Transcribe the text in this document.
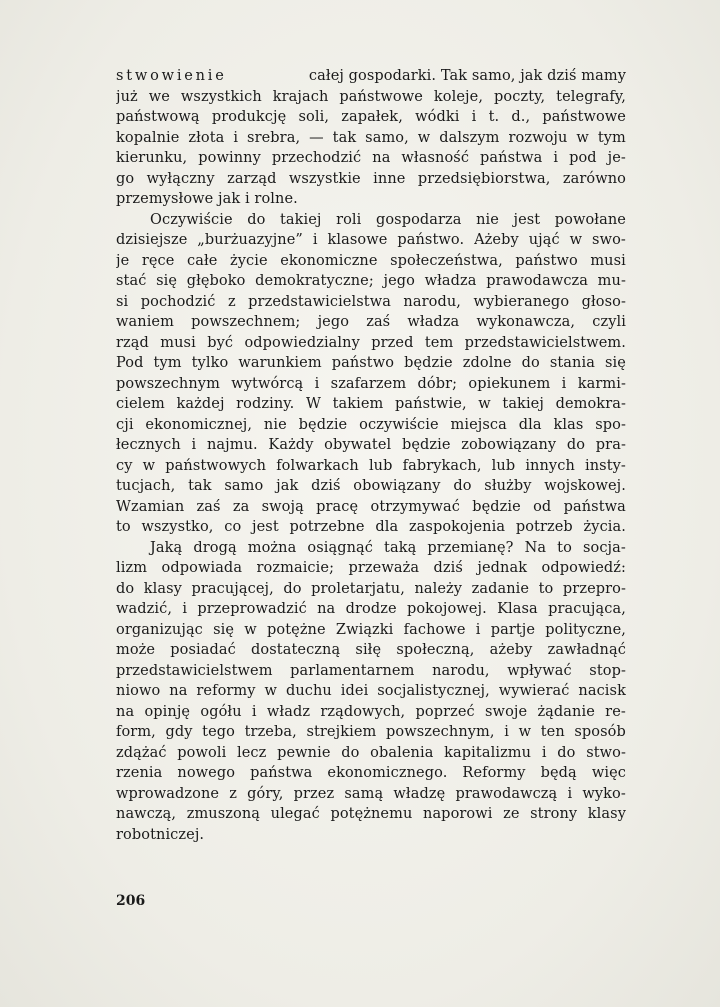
stwowienie	całej gospodarki. Tak samo, jak dziś mamy
już we wszystkich krajach państwowe koleje, poczty, telegrafy,
państwową produkcję soli, zapałek, wódki i t. d., państwowe
kopalnie złota i srebra, — tak samo, w dalszym rozwoju w tym
kierunku, powinny przechodzić na własność państwa i pod je-
go wyłączny zarząd wszystkie inne przedsiębiorstwa, zarówno
przemysłowe jak i rolne.
Oczywiście do takiej roli gospodarza nie jest powołane
dzisiejsze „burżuazyjne” i klasowe państwo. Ażeby ująć w swo-
je ręce całe życie ekonomiczne społeczeństwa, państwo musi
stać się głęboko demokratyczne; jego władza prawodawcza mu-
si pochodzić z przedstawicielstwa narodu, wybieranego głoso-
waniem powszechnem; jego zaś władza wykonawcza, czyli
rząd musi być odpowiedzialny przed tem przedstawicielstwem.
Pod tym tylko warunkiem państwo będzie zdolne do stania się
powszechnym wytwórcą i szafarzem dóbr; opiekunem i karmi-
cielem każdej rodziny. W takiem państwie, w takiej demokra-
cji ekonomicznej, nie będzie oczywiście miejsca dla klas spo-
łecznych i najmu. Każdy obywatel będzie zobowiązany do pra-
cy w państwowych folwarkach lub fabrykach, lub innych insty-
tucjach, tak samo jak dziś obowiązany do służby wojskowej.
Wzamian zaś za swoją pracę otrzymywać będzie od państwa
to wszystko, co jest potrzebne dla zaspokojenia potrzeb życia.
Jaką drogą można osiągnąć taką przemianę? Na to socja-
lizm odpowiada rozmaicie; przeważa dziś jednak odpowiedź:
do klasy pracującej, do proletarjatu, należy zadanie to przepro-
wadzić, i przeprowadzić na drodze pokojowej. Klasa pracująca,
organizując się w potężne Związki fachowe i partje polityczne,
może posiadać dostateczną siłę społeczną, ażeby zawładnąć
przedstawicielstwem parlamentarnem narodu, wpływać stop-
niowo na reformy w duchu idei socjalistycznej, wywierać nacisk
na opinję ogółu i władz rządowych, poprzeć swoje żądanie re-
form, gdy tego trzeba, strejkiem powszechnym, i w ten sposób
zdążać powoli lecz pewnie do obalenia kapitalizmu i do stwo-
rzenia nowego państwa ekonomicznego. Reformy będą więc
wprowadzone z góry, przez samą władzę prawodawczą i wyko-
nawczą, zmuszoną ulegać potężnemu naporowi ze strony klasy
robotniczej.
206
